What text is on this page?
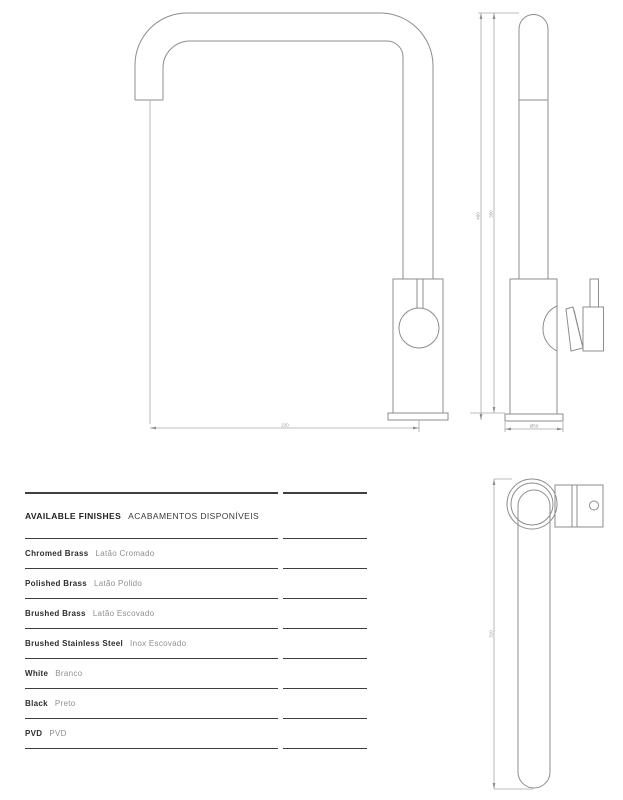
220
400 350
Ø50
310
AVAILABLE FINISHES ACABAMENTOS DISPONÍVEIS
Chromed Brass Latão Cromado
Polished Brass Latão Polido
Brushed Brass Latão Escovado
Brushed Stainless Steel Inox Escovado
White Branco
Black Preto
PVD PVD
